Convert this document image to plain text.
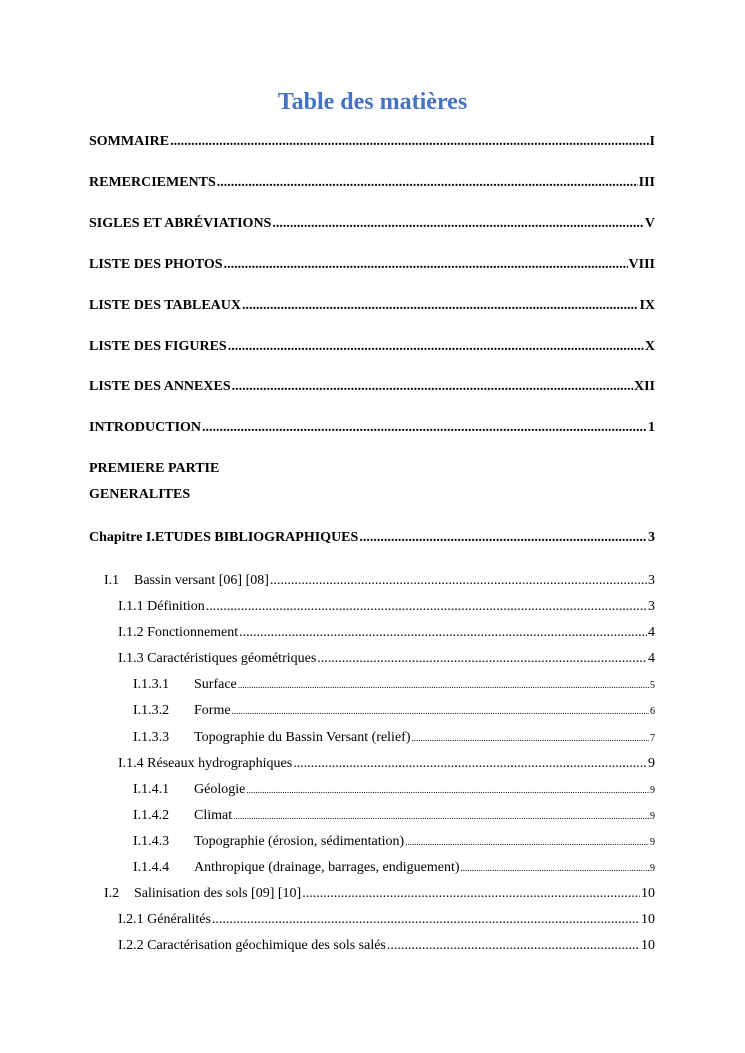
Table des matières
SOMMAIRE .....	I
REMERCIEMENTS .....	III
SIGLES ET ABRÉVIATIONS .....	V
LISTE DES PHOTOS .....	VIII
LISTE DES TABLEAUX .....	IX
LISTE DES FIGURES .....	X
LISTE DES ANNEXES .....	XII
INTRODUCTION .....	1
PREMIERE PARTIE
GENERALITES
Chapitre I.ETUDES BIBLIOGRAPHIQUES .....	3
I.1 Bassin versant [06] [08] .....	3
I.1.1 Définition .....	3
I.1.2 Fonctionnement .....	4
I.1.3 Caractéristiques géométriques .....	4
I.1.3.1 Surface .....	5
I.1.3.2 Forme .....	6
I.1.3.3 Topographie du Bassin Versant (relief) .....	7
I.1.4 Réseaux hydrographiques .....	9
I.1.4.1 Géologie .....	9
I.1.4.2 Climat .....	9
I.1.4.3 Topographie (érosion, sédimentation) .....	9
I.1.4.4 Anthropique (drainage, barrages, endiguement) .....	9
I.2 Salinisation des sols [09] [10] .....	10
I.2.1 Généralités .....	10
I.2.2 Caractérisation géochimique des sols salés .....	10
